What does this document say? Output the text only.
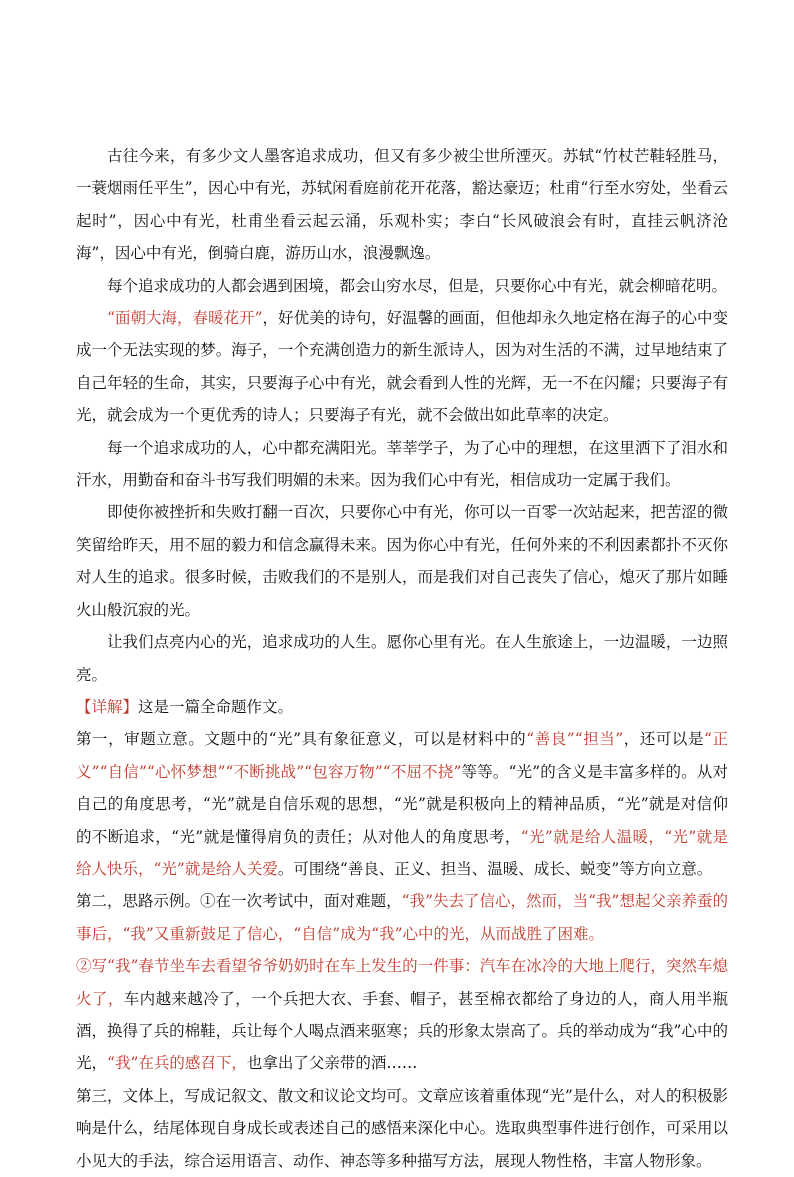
古往今来，有多少文人墨客追求成功，但又有多少被尘世所湮灭。苏轼“竹杖芒鞋轻胜马，一蓑烟雨任平生”，因心中有光，苏轼闲看庭前花开花落，豁达豪迈；杜甫“行至水穷处，坐看云起时”，因心中有光，杜甫坐看云起云涌，乐观朴实；李白“长风破浪会有时，直挂云帆济沧海”，因心中有光，倒骑白鹿，游历山水，浪漫飘逸。

每个追求成功的人都会遇到困境，都会山穷水尽，但是，只要你心中有光，就会柳暗花明。

“面朝大海，春暖花开”，好优美的诗句，好温馨的画面，但他却永久地定格在海子的心中变成一个无法实现的梦。海子，一个充满创造力的新生派诗人，因为对生活的不满，过早地结束了自己年轻的生命，其实，只要海子心中有光，就会看到人性的光辉，无一不在闪耀；只要海子有光，就会成为一个更优秀的诗人；只要海子有光，就不会做出如此草率的决定。

每一个追求成功的人，心中都充满阳光。莘莘学子，为了心中的理想，在这里洒下了泪水和汗水，用勤奋和奋斗书写我们明媚的未来。因为我们心中有光，相信成功一定属于我们。

即使你被挫折和失败打翻一百次，只要你心中有光，你可以一百零一次站起来，把苦涩的微笑留给昨天，用不屈的毅力和信念赢得未来。因为你心中有光，任何外来的不利因素都扑不灭你对人生的追求。很多时候，击败我们的不是别人，而是我们对自己丧失了信心，熄灭了那片如睡火山般沉寂的光。

让我们点亮内心的光，追求成功的人生。愿你心里有光。在人生旅途上，一边温暖，一边照亮。

【详解】这是一篇全命题作文。

第一，审题立意。文题中的“光”具有象征意义，可以是材料中的“善良”“担当”，还可以是“正义”“自信”“心怀梦想”“不断挑战”“包容万物”“不屈不挠”等等。“光”的含义是丰富多样的。从对自己的角度思考，“光”就是自信乐观的思想，“光”就是积极向上的精神品质，“光”就是对信仰的不断追求，“光”就是懂得肩负的责任；从对他人的角度思考，“光”就是给人温暖，“光”就是给人快乐，“光”就是给人关爱。可围绕“善良、正义、担当、温暖、成长、蜕变”等方向立意。

第二，思路示例。①在一次考试中，面对难题，“我”失去了信心，然而，当“我”想起父亲养蚕的事后，“我”又重新鼓足了信心，“自信”成为“我”心中的光，从而战胜了困难。

②写“我”春节坐车去看望爷爷奶奶时在车上发生的一件事：汽车在冰冷的大地上爬行，突然车熄火了，车内越来越冷了，一个兵把大衣、手套、帽子，甚至棉衣都给了身边的人，商人用半瓶酒，换得了兵的棉鞋，兵让每个人喝点酒来驱寒；兵的形象太崇高了。兵的举动成为“我”心中的光，“我”在兵的感召下，也拿出了父亲带的酒……

第三，文体上，写成记叙文、散文和议论文均可。文章应该着重体现“光”是什么，对人的积极影响是什么，结尾体现自身成长或表述自己的感悟来深化中心。选取典型事件进行创作，可采用以小见大的手法，综合运用语言、动作、神态等多种描写方法，展现人物性格，丰富人物形象。
